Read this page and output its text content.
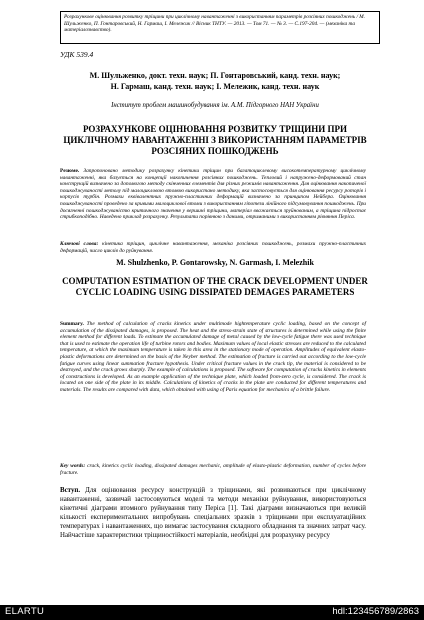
Розрахункове оцінювання розвитку тріщини при циклічному навантаженні з використанням параметрів розсіяних пошкоджень / М. Шульженко, П. Гонтаровський, Н. Гармаш, І. Мележик // Вісник ТНТУ. — 2013. — Том 71. — № 3. — С.197-204. — (механіка та матеріалознавство).
УДК 539.4
М. Шульженко, докт. техн. наук; П. Гонтаровський, канд. техн. наук;
Н. Гармаш, канд. техн. наук; І. Мележик, канд. техн. наук
Інститут проблем машинобудування ім. А.М. Підгорного НАН України
РОЗРАХУНКОВЕ ОЦІНЮВАННЯ РОЗВИТКУ ТРІЩИНИ ПРИ ЦИКЛІЧНОМУ НАВАНТАЖЕННІ З ВИКОРИСТАННЯМ ПАРАМЕТРІВ РОЗСІЯНИХ ПОШКОДЖЕНЬ
Резюме. Запропоновано методику розрахунку кінетики тріщин при багатоциклевому високотемпературному циклічному навантаженні, яка базується на концепції накопичення розсіяних пошкоджень. Тепловий і напружено-деформований стан конструкцій визначено за допомогою методу скінченних елементів для різних режимів навантаження. Для оцінювання накопиченої пошкоджуваності метолу під малоцикловою втомою використано методику, яка застосовується для оцінювання ресурсу роторів і корпусів турбін. Розмахи еквівалентних пружно-пластичних деформацій визначено за принципом Нейбера. Оцінювання пошкоджуваності проведено за кривими малоциклової втоми з використанням гіпотези лінійного підсумовування пошкоджень. При досягненні пошкоджуваністю критичного значення у вершині тріщини, матеріал вважається зруйнованим, а тріщина підростає стрибкоподібно. Наведено приклад розрахунку. Результати порівнюю з даними, отриманими з використанням рівняння Періса.
Ключові слова: кінетика тріщин, циклічне навантаження, механіка розсіяних пошкоджень, розмахи пружно-пластичних деформацій, число циклів до руйнування.
M. Shulzhenko, P. Gontarowsky, N. Garmash, I. Melezhik
COMPUTATION ESTIMATION OF THE CRACK DEVELOPMENT UNDER CYCLIC LOADING USING DISSIPATED DEMAGES PARAMETERS
Summary. The method of calculation of cracks kinetics under multimode hightemperature cyclic loading, based on the concept of accumulation of the dissipated damages, is proposed. The heat and the stress-strain state of structures is determined while using the finite element method for different loads. To estimate the accumulated damage of metal caused by the low-cycle fatigue there was used technique that is used to estimate the operation life of turbine rotors and bodies. Maximum values of local elastic stresses are reduced to the calculated temperature, at which the maximum temperature is taken in this area in the stationary mode of operation. Amplitudes of equivalent elasto-plastic deformations are determined on the basis of the Neyber method. The estimation of fracture is carried out according to the low-cycle fatigue curves using linear summation fracture hypothesis. Under critical fracture values in the crack tip, the material is considered to be destroyed, and the crack grows sharply. The example of calculations is proposed. The software for computation of cracks kinetics in elements of constructions is developed. As an example application of the technique plate, which loaded from-zero cycle, is considered. The crack is located on one side of the plate in its middle. Calculations of kinetics of cracks in the plate are conducted for different temperatures and materials. The results are compared with data, which obtained with using of Paris equation for mechanics of a brittle failure.
Key words: crack, kinetics cyclic loading, dissipated damages mechanic, amplitude of elasto-plastic deformation, number of cycles before fracture.
Вступ. Для оцінювання ресурсу конструкцій з тріщинами, які розвиваються при циклічному навантаженні, зазвичай застосовуються моделі та методи механіки руйнування, використовуються кінетичні діаграми втомного руйнування типу Періса [1]. Такі діаграми визначаються при великій кількості експериментальних випробувань спеціальних зразків з тріщинами при експлуатаційних температурах і навантаженнях, що вимагає застосування складного обладнання та значних затрат часу. Найчастіше характеристики тріщиностійкості матеріалів, необхідні для розрахунку ресурсу
ELARTU	hdl:123456789/2863
